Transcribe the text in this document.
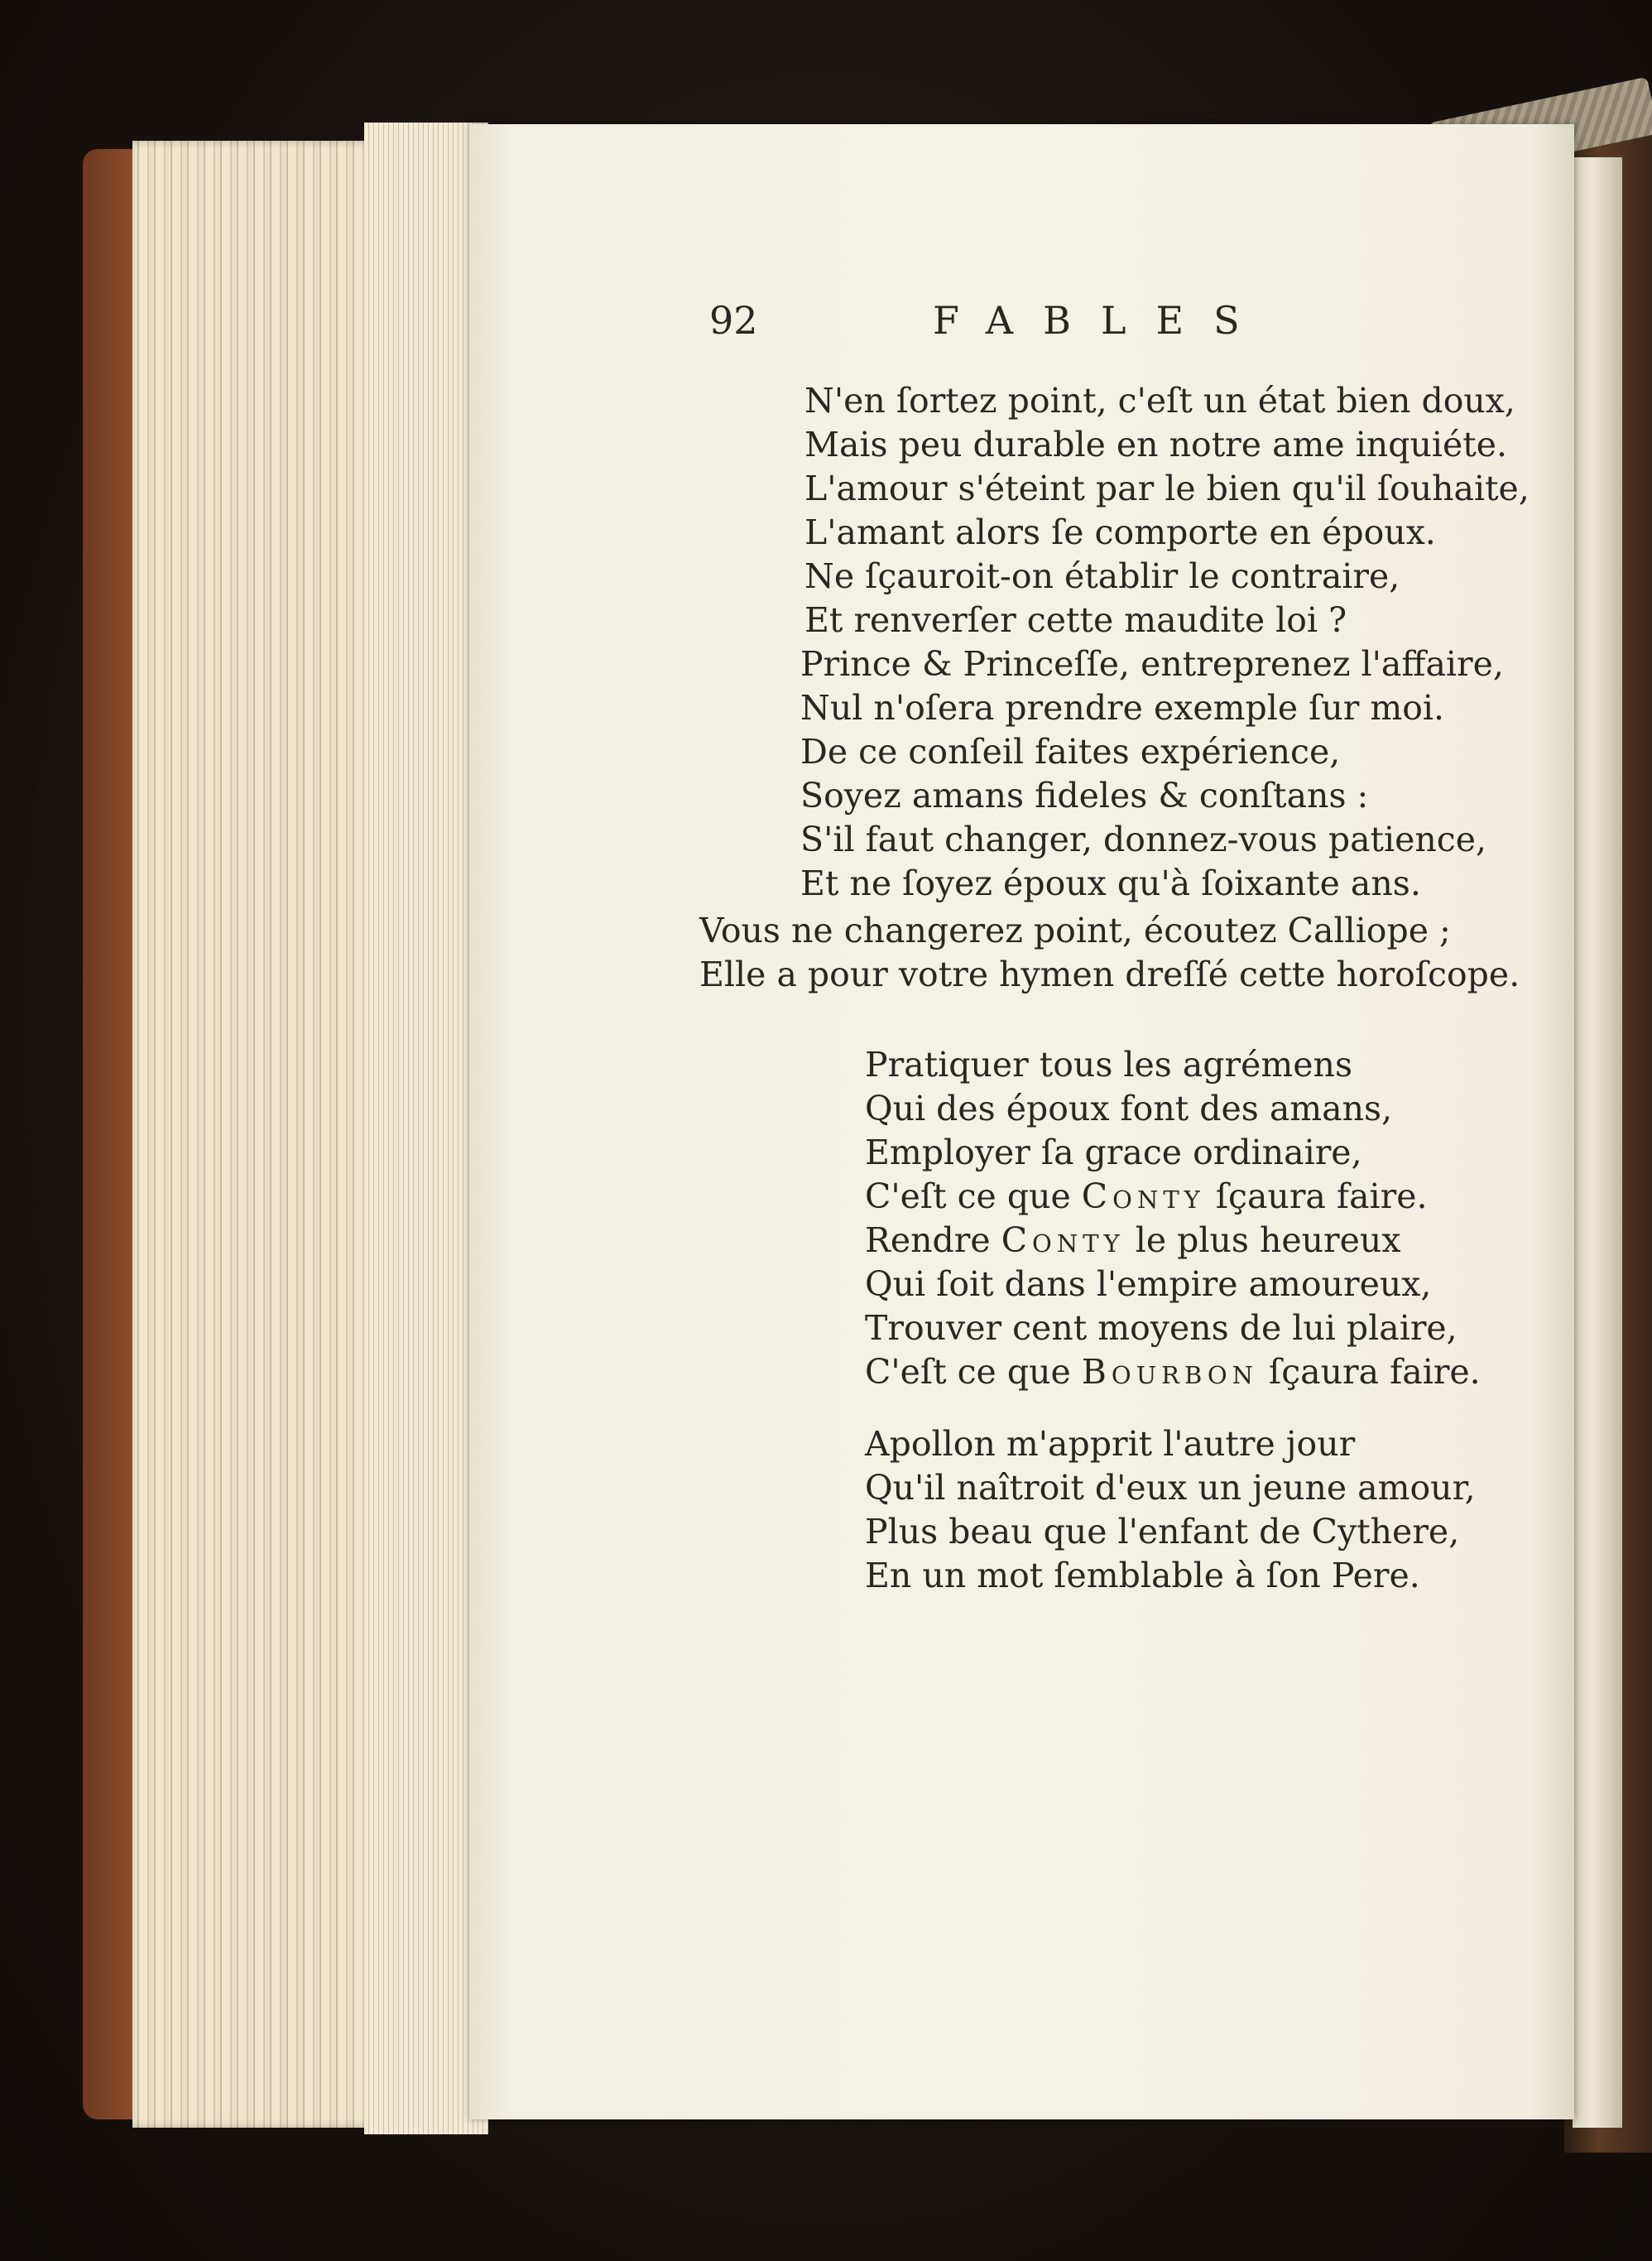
92	FABLES
N'en ſortez point, c'eſt un état bien doux,
Mais peu durable en notre ame inquiéte.
L'amour s'éteint par le bien qu'il ſouhaite,
L'amant alors ſe comporte en époux.
Ne ſçauroit-on établir le contraire,
Et renverſer cette maudite loi ?
Prince & Princeſſe, entreprenez l'affaire,
Nul n'oſera prendre exemple ſur moi.
De ce conſeil faites expérience,
Soyez amans fideles & conſtans :
S'il faut changer, donnez-vous patience,
Et ne ſoyez époux qu'à ſoixante ans.
Vous ne changerez point, écoutez Calliope ;
Elle a pour votre hymen dreſſé cette horoſcope.
Pratiquer tous les agrémens
Qui des époux font des amans,
Employer ſa grace ordinaire,
C'eſt ce que Conty ſçaura faire.
Rendre Conty le plus heureux
Qui ſoit dans l'empire amoureux,
Trouver cent moyens de lui plaire,
C'eſt ce que Bourbon ſçaura faire.
Apollon m'apprit l'autre jour
Qu'il naîtroit d'eux un jeune amour,
Plus beau que l'enfant de Cythere,
En un mot ſemblable à ſon Pere.
